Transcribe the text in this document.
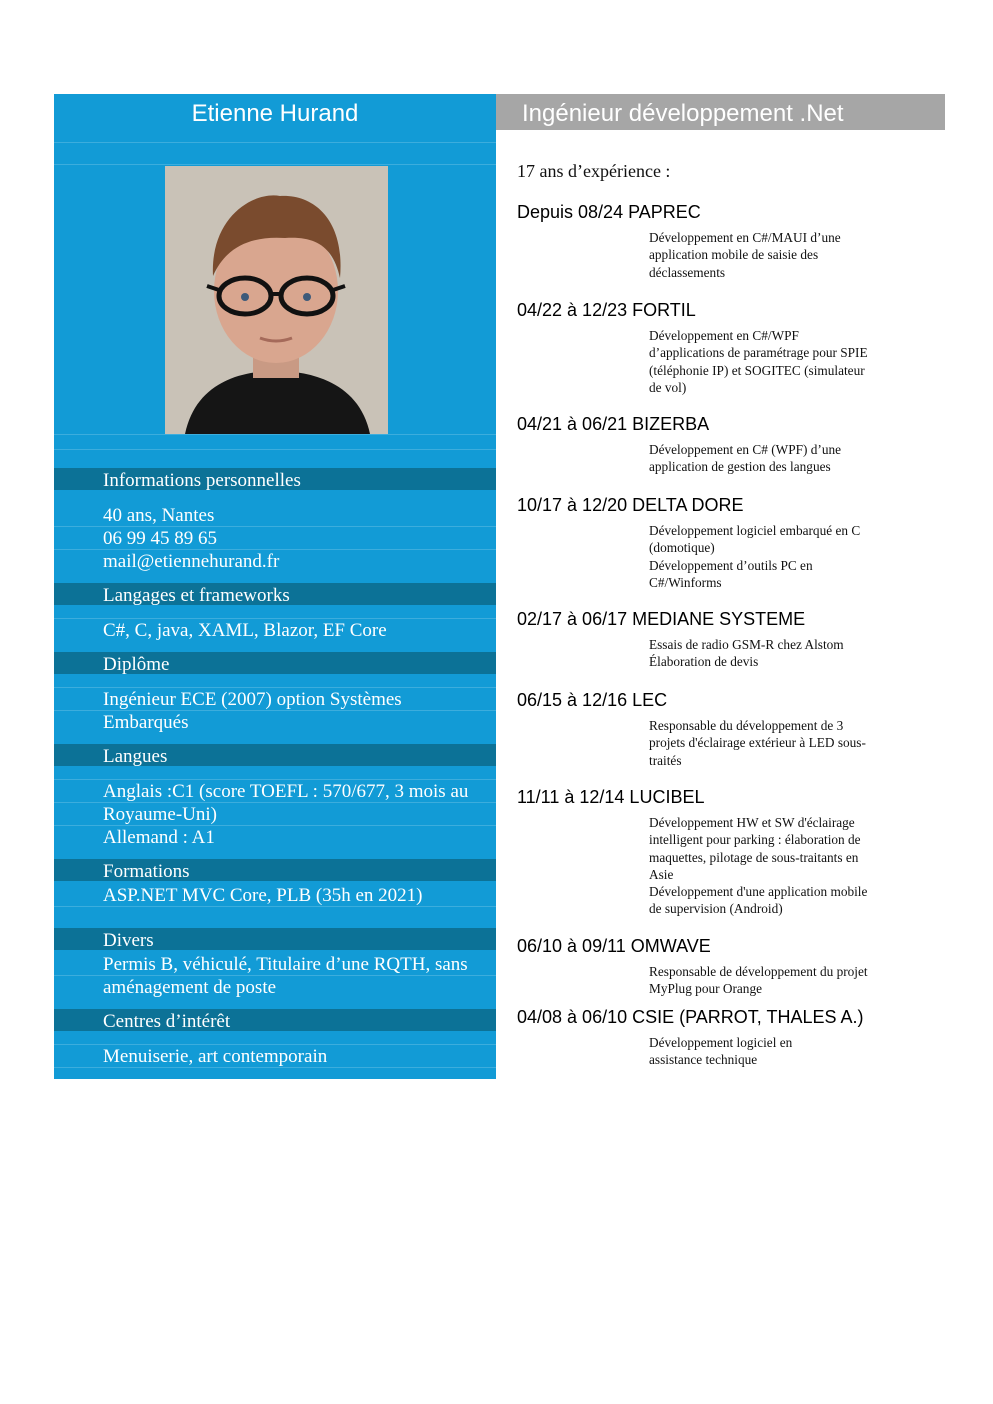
Etienne Hurand
Informations personnelles
40 ans, Nantes
06 99 45 89 65
mail@etiennehurand.fr
Langages et frameworks
C#, C, java, XAML, Blazor, EF Core
Diplôme
Ingénieur ECE (2007) option Systèmes
Embarqués
Langues
Anglais :C1 (score TOEFL : 570/677, 3 mois au
Royaume-Uni)
Allemand : A1
Formations
ASP.NET MVC Core, PLB (35h en 2021)
Divers
Permis B, véhiculé, Titulaire d’une RQTH, sans
aménagement de poste
Centres d’intérêt
Menuiserie, art contemporain
Ingénieur développement .Net
17 ans d’expérience :
Depuis 08/24 PAPREC
Développement en C#/MAUI d’une
application mobile de saisie des
déclassements
04/22 à 12/23 FORTIL
Développement en C#/WPF
d’applications de paramétrage pour SPIE
(téléphonie IP) et SOGITEC (simulateur
de vol)
04/21 à 06/21 BIZERBA
Développement en C# (WPF) d’une
application de gestion des langues
10/17 à 12/20 DELTA DORE
Développement logiciel embarqué en C
(domotique)
Développement d’outils PC en
C#/Winforms
02/17 à 06/17 MEDIANE SYSTEME
Essais de radio GSM-R chez Alstom
Élaboration de devis
06/15 à 12/16 LEC
Responsable du développement de 3
projets d'éclairage extérieur à LED sous-
traités
11/11 à 12/14 LUCIBEL
Développement HW et SW d'éclairage
intelligent pour parking : élaboration de
maquettes, pilotage de sous-traitants en
Asie
Développement d'une application mobile
de supervision (Android)
06/10 à 09/11 OMWAVE
Responsable de développement du projet
MyPlug pour Orange
04/08 à 06/10 CSIE (PARROT, THALES A.)
Développement logiciel en
assistance technique
